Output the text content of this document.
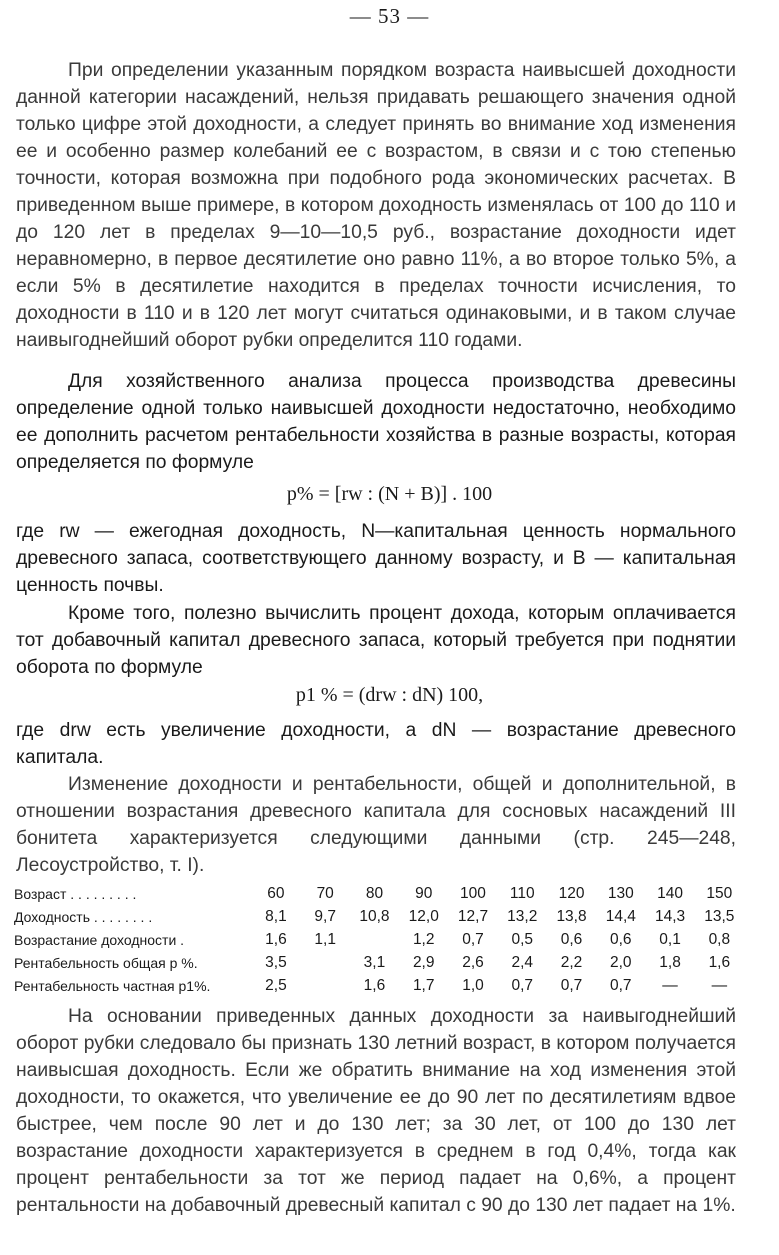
— 53 —

При определении указанным порядком возраста наивысшей доходности данной категории насаждений, нельзя придавать решающего значения одной только цифре этой доходности, а следует принять во внимание ход изменения ее и особенно размер колебаний ее с возрастом, в связи и с тою степенью точности, которая возможна при подобного рода экономических расчетах. В приведенном выше примере, в котором доходность изменялась от 100 до 110 и до 120 лет в пределах 9—10—10,5 руб., возрастание доходности идет неравномерно, в первое десятилетие оно равно 11%, а во второе только 5%, а если 5% в десятилетие находится в пределах точности исчисления, то доходности в 110 и в 120 лет могут считаться одинаковыми, и в таком случае наивыгоднейший оборот рубки определится 110 годами.

Для хозяйственного анализа процесса производства древесины определение одной только наивысшей доходности недостаточно, необходимо ее дополнить расчетом рентабельности хозяйства в разные возрасты, которая определяется по формуле

p% = [rw : (N + B)] . 100

где rw — ежегодная доходность, N—капитальная ценность нормального древесного запаса, соответствующего данному возрасту, и B — капитальная ценность почвы.

Кроме того, полезно вычислить процент дохода, которым оплачивается тот добавочный капитал древесного запаса, который требуется при поднятии оборота по формуле

p1 % = (drw : dN) 100,

где drw есть увеличение доходности, а dN — возрастание древесного капитала.

Изменение доходности и рентабельности, общей и дополнительной, в отношении возрастания древесного капитала для сосновых насаждений III бонитета характеризуется следующими данными (стр. 245—248, Лесоустройство, т. I).

Возраст . . . . . . . . .	60	70	80	90	100	110	120	130	140	150
Доходность . . . . . . . .	8,1	9,7	10,8	12,0	12,7	13,2	13,8	14,4	14,3	13,5
Возрастание доходности .	1,6	1,1		1,2	0,7	0,5	0,6	0,6	0,1	0,8
Рентабельность общая р %.	3,5		3,1	2,9	2,6	2,4	2,2	2,0	1,8	1,6
Рентабельность частная р1%.	2,5		1,6	1,7	1,0	0,7	0,7	0,7	—	—

На основании приведенных данных доходности за наивыгоднейший оборот рубки следовало бы признать 130 летний возраст, в котором получается наивысшая доходность. Если же обратить внимание на ход изменения этой доходности, то окажется, что увеличение ее до 90 лет по десятилетиям вдвое быстрее, чем после 90 лет и до 130 лет; за 30 лет, от 100 до 130 лет возрастание доходности характеризуется в среднем в год 0,4%, тогда как процент рентабельности за тот же период падает на 0,6%, а процент рентальности на добавочный древесный капитал с 90 до 130 лет падает на 1%.
